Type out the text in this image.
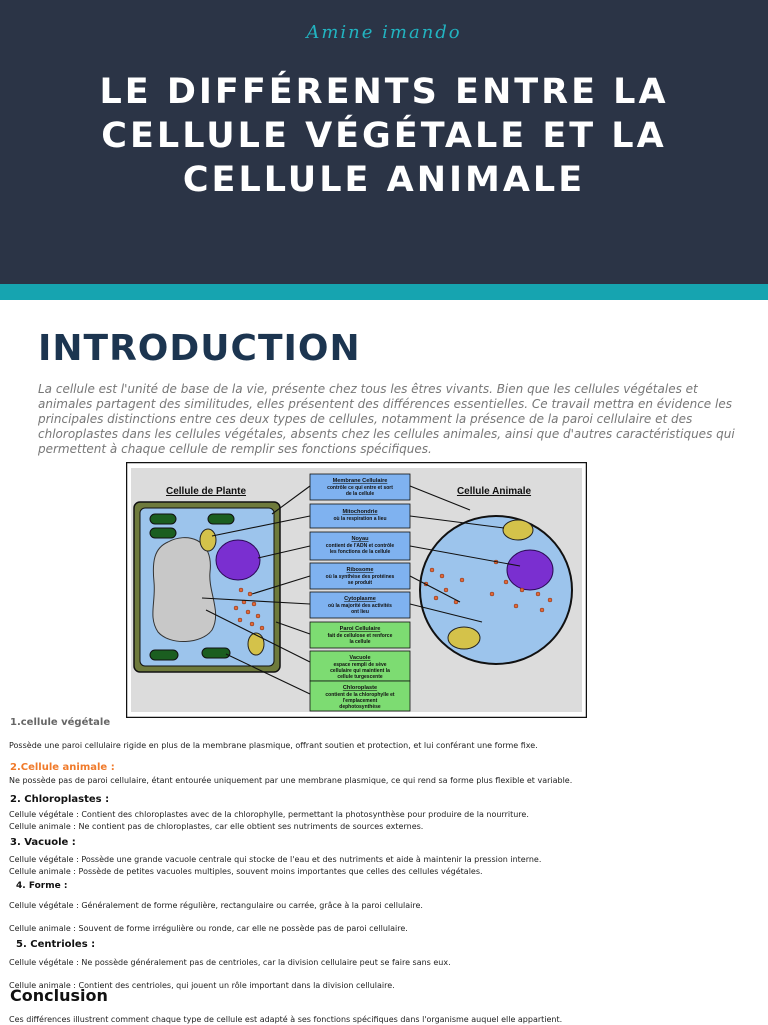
Amine imando
LE DIFFÉRENTS ENTRE LA CELLULE VÉGÉTALE ET LA CELLULE ANIMALE
INTRODUCTION
La cellule est l'unité de base de la vie, présente chez tous les êtres vivants. Bien que les cellules végétales et animales partagent des similitudes, elles présentent des différences essentielles. Ce travail mettra en évidence les principales distinctions entre ces deux types de cellules, notamment la présence de la paroi cellulaire et des chloroplastes dans les cellules végétales, absents chez les cellules animales, ainsi que d'autres caractéristiques qui permettent à chaque cellule de remplir ses fonctions spécifiques.
Cellule de Plante	Cellule Animale
Membrane Cellulaire
contrôle ce qui entre et sort
de la cellule
Mitochondrie
où la respiration a lieu
Noyau
contient de l'ADN et contrôle
les fonctions de la cellule
Ribosome
où la synthèse des protéines
se produit
Cytoplasme
où la majorité des activités
ont lieu
Paroi Cellulaire
fait de cellulose et renforce
la cellule
Vacuole
espace rempli de sève
cellulaire qui maintient la
cellule turgescente
Chloroplaste
contient de la chlorophylle et
l'emplacement
dephotosynthèse
1.cellule végétale
Possède une paroi cellulaire rigide en plus de la membrane plasmique, offrant soutien et protection, et lui conférant une forme fixe.
2.Cellule animale :
Ne possède pas de paroi cellulaire, étant entourée uniquement par une membrane plasmique, ce qui rend sa forme plus flexible et variable.
2. Chloroplastes :
Cellule végétale : Contient des chloroplastes avec de la chlorophylle, permettant la photosynthèse pour produire de la nourriture.
Cellule animale : Ne contient pas de chloroplastes, car elle obtient ses nutriments de sources externes.
3. Vacuole :
Cellule végétale : Possède une grande vacuole centrale qui stocke de l'eau et des nutriments et aide à maintenir la pression interne.
Cellule animale : Possède de petites vacuoles multiples, souvent moins importantes que celles des cellules végétales.
4. Forme :
Cellule végétale : Généralement de forme régulière, rectangulaire ou carrée, grâce à la paroi cellulaire.
Cellule animale : Souvent de forme irrégulière ou ronde, car elle ne possède pas de paroi cellulaire.
5. Centrioles :
Cellule végétale : Ne possède généralement pas de centrioles, car la division cellulaire peut se faire sans eux.
Cellule animale : Contient des centrioles, qui jouent un rôle important dans la division cellulaire.
Conclusion
Ces différences illustrent comment chaque type de cellule est adapté à ses fonctions spécifiques dans l'organisme auquel elle appartient.
